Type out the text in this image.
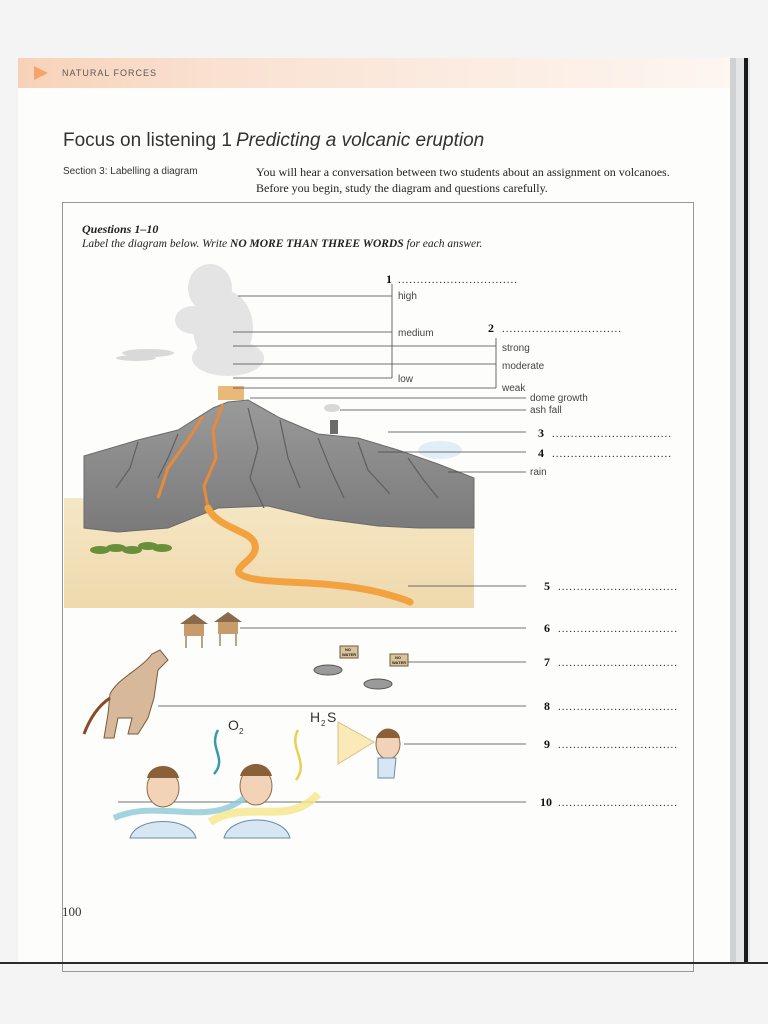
NATURAL FORCES
Focus on listening 1 Predicting a volcanic eruption
Section 3: Labelling a diagram	You will hear a conversation between two students about an assignment on volcanoes. Before you begin, study the diagram and questions carefully.
Questions 1–10
Label the diagram below. Write NO MORE THAN THREE WORDS for each answer.
high
medium
low
strong
moderate
weak
dome growth
ash fall
rain
1 ................................
2 ................................
3 ................................
4 ................................
5 ................................
6 ................................
7 ................................
8 ................................
9 ................................
10 ................................
NO
WATER
NO
WATER
O 2
H 2 S
100
